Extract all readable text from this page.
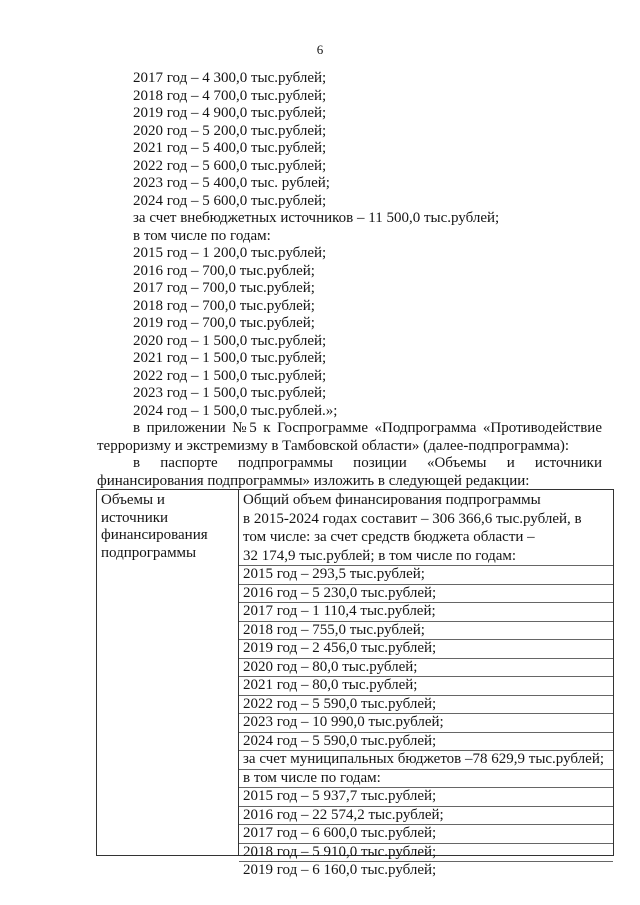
6
2017 год – 4 300,0 тыс.рублей;
2018 год – 4 700,0 тыс.рублей;
2019 год – 4 900,0 тыс.рублей;
2020 год – 5 200,0 тыс.рублей;
2021 год – 5 400,0 тыс.рублей;
2022 год – 5 600,0 тыс.рублей;
2023 год – 5 400,0 тыс. рублей;
2024 год – 5 600,0 тыс.рублей;
за счет внебюджетных источников – 11 500,0 тыс.рублей;
в том числе по годам:
2015 год – 1 200,0 тыс.рублей;
2016 год – 700,0 тыс.рублей;
2017 год – 700,0 тыс.рублей;
2018 год – 700,0 тыс.рублей;
2019 год – 700,0 тыс.рублей;
2020 год – 1 500,0 тыс.рублей;
2021 год – 1 500,0 тыс.рублей;
2022 год – 1 500,0 тыс.рублей;
2023 год – 1 500,0 тыс.рублей;
2024 год – 1 500,0 тыс.рублей.»;
в приложении №5 к Госпрограмме «Подпрограмма «Противодействие
терроризму и экстремизму в Тамбовской области» (далее-подпрограмма):
в паспорте подпрограммы позиции «Объемы и источники
финансирования подпрограммы» изложить в следующей редакции:
Объемы и
источники
финансирования
подпрограммы
Общий объем финансирования подпрограммы
в 2015-2024 годах составит – 306 366,6 тыс.рублей, в
том числе: за счет средств бюджета области –
32 174,9 тыс.рублей; в том числе по годам:
2015 год – 293,5 тыс.рублей;
2016 год – 5 230,0 тыс.рублей;
2017 год – 1 110,4 тыс.рублей;
2018 год – 755,0 тыс.рублей;
2019 год – 2 456,0 тыс.рублей;
2020 год – 80,0 тыс.рублей;
2021 год – 80,0 тыс.рублей;
2022 год – 5 590,0 тыс.рублей;
2023 год – 10 990,0 тыс.рублей;
2024 год – 5 590,0 тыс.рублей;
за счет муниципальных бюджетов –78 629,9 тыс.рублей;
в том числе по годам:
2015 год – 5 937,7 тыс.рублей;
2016 год – 22 574,2 тыс.рублей;
2017 год – 6 600,0 тыс.рублей;
2018 год – 5 910,0 тыс.рублей;
2019 год – 6 160,0 тыс.рублей;
